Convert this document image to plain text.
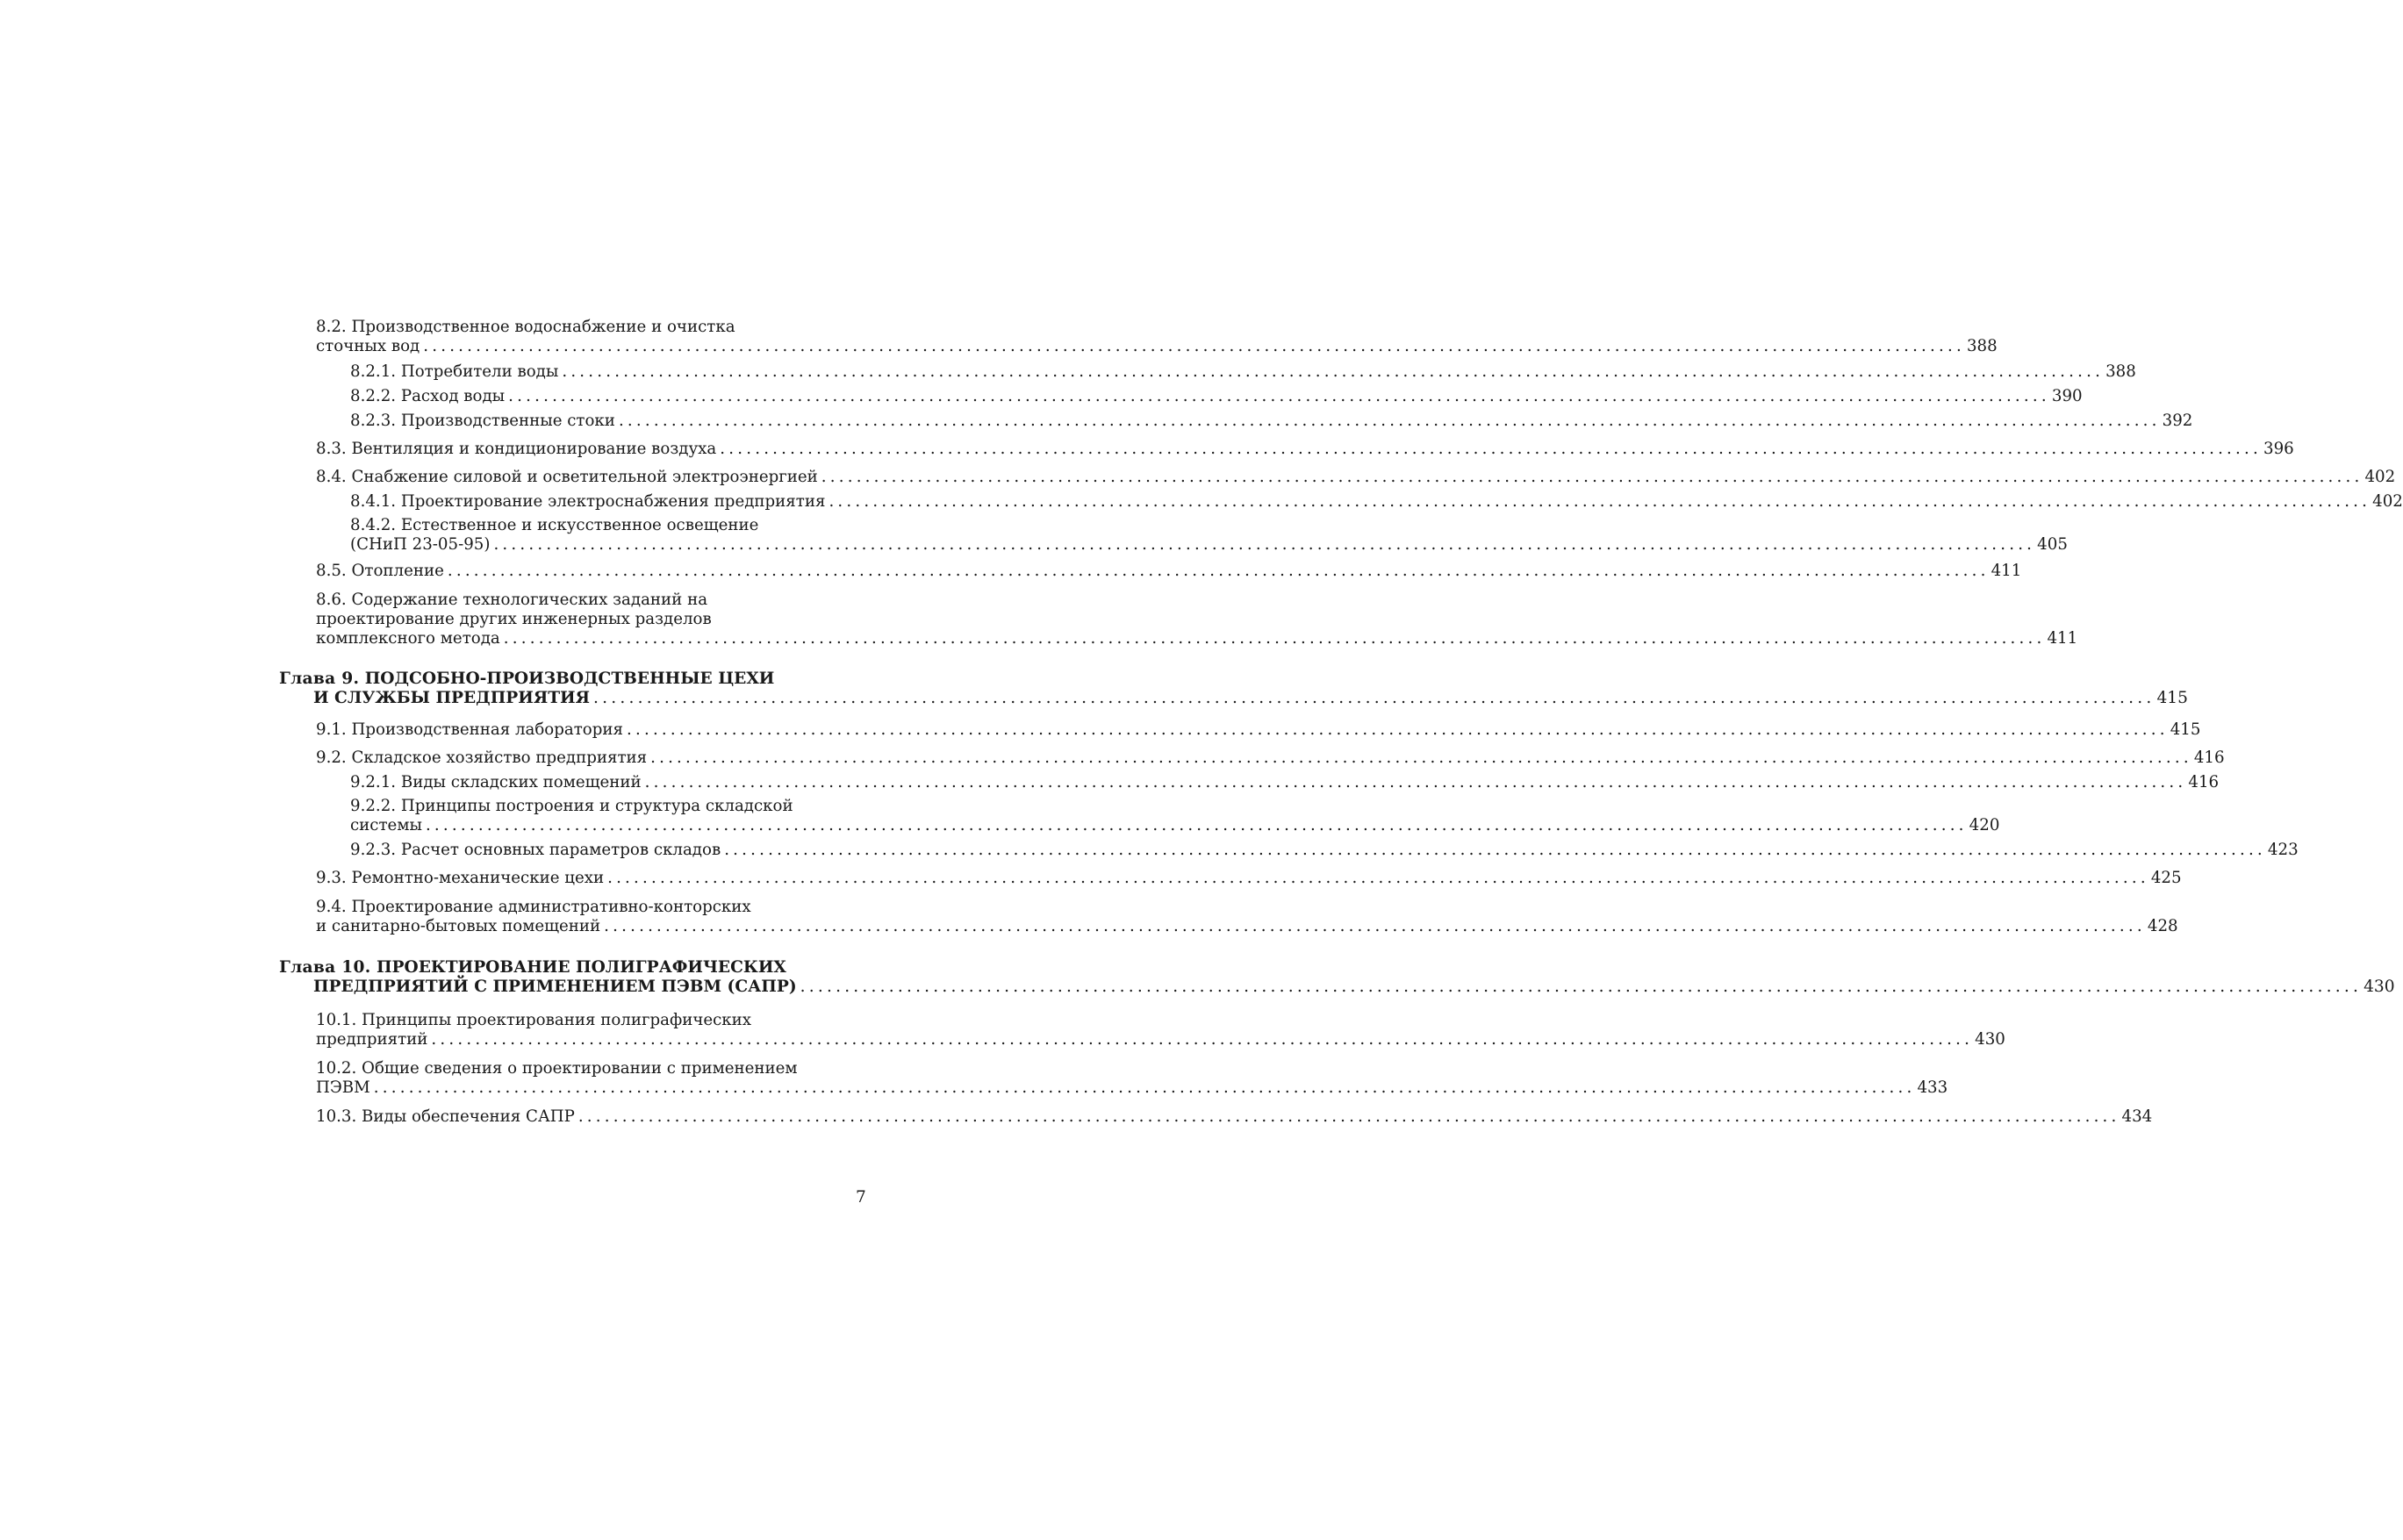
8.2. Производственное водоснабжение и очистка
сточных вод .....	388
8.2.1. Потребители воды .....	388
8.2.2. Расход воды .....	390
8.2.3. Производственные стоки .....	392
8.3. Вентиляция и кондиционирование воздуха .....	396
8.4. Снабжение силовой и осветительной электроэнергией .....	402
8.4.1. Проектирование электроснабжения предприятия .....	402
8.4.2. Естественное и искусственное освещение
(СНиП 23-05-95) .....	405
8.5. Отопление .....	411
8.6. Содержание технологических заданий на
проектирование других инженерных разделов
комплексного метода .....	411
Глава 9. ПОДСОБНО-ПРОИЗВОДСТВЕННЫЕ ЦЕХИ
И СЛУЖБЫ ПРЕДПРИЯТИЯ .....	415
9.1. Производственная лаборатория .....	415
9.2. Складское хозяйство предприятия .....	416
9.2.1. Виды складских помещений .....	416
9.2.2. Принципы построения и структура складской
системы .....	420
9.2.3. Расчет основных параметров складов .....	423
9.3. Ремонтно-механические цехи .....	425
9.4. Проектирование административно-конторских
и санитарно-бытовых помещений .....	428
Глава 10. ПРОЕКТИРОВАНИЕ ПОЛИГРАФИЧЕСКИХ
ПРЕДПРИЯТИЙ С ПРИМЕНЕНИЕМ ПЭВМ (САПР) .....	430
10.1. Принципы проектирования полиграфических
предприятий .....	430
10.2. Общие сведения о проектировании с применением
ПЭВМ .....	433
10.3. Виды обеспечения САПР .....	434
7
